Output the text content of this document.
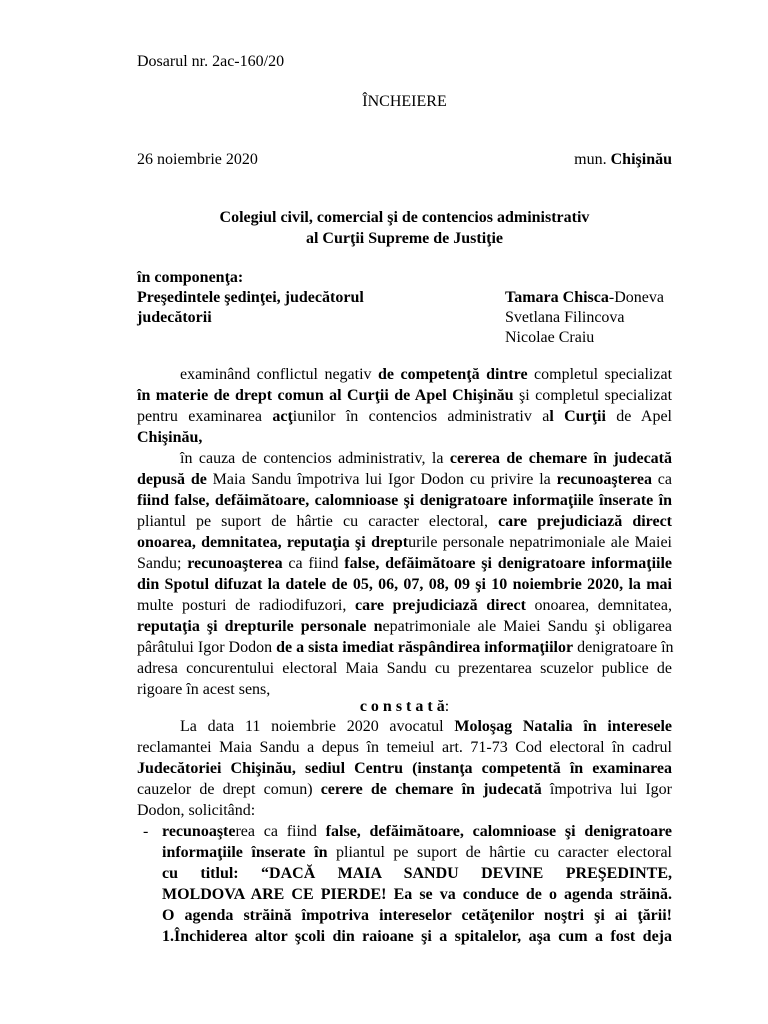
Dosarul nr. 2ac-160/20
ÎNCHEIERE
26 noiembrie 2020	mun. Chişinău
Colegiul civil, comercial şi de contencios administrativ
al Curţii Supreme de Justiţie
în componenţa:
Preşedintele şedinţei, judecătorul	Tamara Chisca-Doneva
judecătorii	Svetlana Filincova
Nicolae Craiu
examinând conflictul negativ de competenţă dintre completul specializat
în materie de drept comun al Curţii de Apel Chişinău şi completul specializat
pentru examinarea acţiunilor în contencios administrativ al Curţii de Apel
Chişinău,
în cauza de contencios administrativ, la cererea de chemare în judecată
depusă de Maia Sandu împotriva lui Igor Dodon cu privire la recunoaşterea ca
fiind false, defăimătoare, calomnioase şi denigratoare informaţiile înserate în
pliantul pe suport de hârtie cu caracter electoral, care prejudiciază direct
onoarea, demnitatea, reputaţia şi drepturile personale nepatrimoniale ale Maiei
Sandu; recunoaşterea ca fiind false, defăimătoare şi denigratoare informaţiile
din Spotul difuzat la datele de 05, 06, 07, 08, 09 şi 10 noiembrie 2020, la mai
multe posturi de radiodifuzori, care prejudiciază direct onoarea, demnitatea,
reputaţia şi drepturile personale nepatrimoniale ale Maiei Sandu şi obligarea
pârâtului Igor Dodon de a sista imediat răspândirea informaţiilor denigratoare în
adresa concurentului electoral Maia Sandu cu prezentarea scuzelor publice de
rigoare în acest sens,
c o n s t a t ă:
La data 11 noiembrie 2020 avocatul Moloşag Natalia în interesele
reclamantei Maia Sandu a depus în temeiul art. 71-73 Cod electoral în cadrul
Judecătoriei Chişinău, sediul Centru (instanţa competentă în examinarea
cauzelor de drept comun) cerere de chemare în judecată împotriva lui Igor
Dodon, solicitând:
- recunoaşterea ca fiind false, defăimătoare, calomnioase şi denigratoare
informaţiile înserate în pliantul pe suport de hârtie cu caracter electoral
cu titlul: “DACĂ MAIA SANDU DEVINE PREŞEDINTE,
MOLDOVA ARE CE PIERDE! Ea se va conduce de o agenda străină.
O agenda străină împotriva intereselor cetăţenilor noştri şi ai ţării!
1.Închiderea altor şcoli din raioane şi a spitalelor, aşa cum a fost deja
